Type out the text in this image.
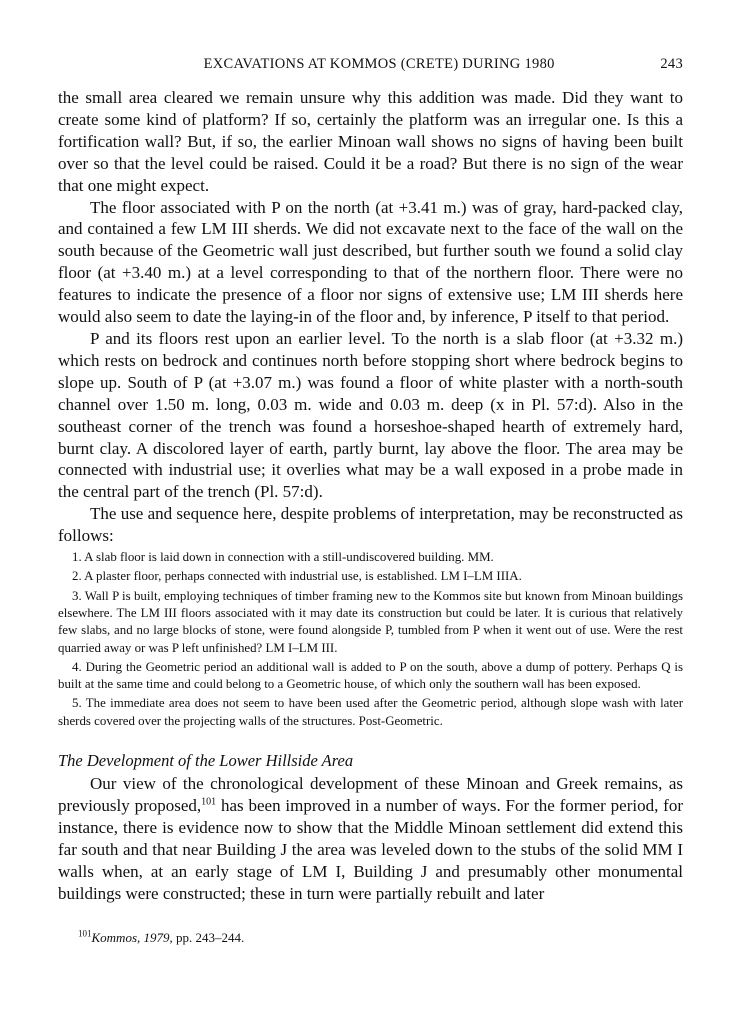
EXCAVATIONS AT KOMMOS (CRETE) DURING 1980	243

the small area cleared we remain unsure why this addition was made. Did they want to create some kind of platform? If so, certainly the platform was an irregular one. Is this a fortification wall? But, if so, the earlier Minoan wall shows no signs of having been built over so that the level could be raised. Could it be a road? But there is no sign of the wear that one might expect.

The floor associated with P on the north (at +3.41 m.) was of gray, hard-packed clay, and contained a few LM III sherds. We did not excavate next to the face of the wall on the south because of the Geometric wall just described, but further south we found a solid clay floor (at +3.40 m.) at a level corresponding to that of the northern floor. There were no features to indicate the presence of a floor nor signs of extensive use; LM III sherds here would also seem to date the laying-in of the floor and, by inference, P itself to that period.

P and its floors rest upon an earlier level. To the north is a slab floor (at +3.32 m.) which rests on bedrock and continues north before stopping short where bedrock begins to slope up. South of P (at +3.07 m.) was found a floor of white plaster with a north-south channel over 1.50 m. long, 0.03 m. wide and 0.03 m. deep (x in Pl. 57:d). Also in the southeast corner of the trench was found a horseshoe-shaped hearth of extremely hard, burnt clay. A discolored layer of earth, partly burnt, lay above the floor. The area may be connected with industrial use; it overlies what may be a wall exposed in a probe made in the central part of the trench (Pl. 57:d).

The use and sequence here, despite problems of interpretation, may be reconstructed as follows:

1. A slab floor is laid down in connection with a still-undiscovered building. MM.
2. A plaster floor, perhaps connected with industrial use, is established. LM I–LM IIIA.
3. Wall P is built, employing techniques of timber framing new to the Kommos site but known from Minoan buildings elsewhere. The LM III floors associated with it may date its construction but could be later. It is curious that relatively few slabs, and no large blocks of stone, were found alongside P, tumbled from P when it went out of use. Were the rest quarried away or was P left unfinished? LM I–LM III.
4. During the Geometric period an additional wall is added to P on the south, above a dump of pottery. Perhaps Q is built at the same time and could belong to a Geometric house, of which only the southern wall has been exposed.
5. The immediate area does not seem to have been used after the Geometric period, although slope wash with later sherds covered over the projecting walls of the structures. Post-Geometric.
The Development of the Lower Hillside Area

Our view of the chronological development of these Minoan and Greek remains, as previously proposed,$^{101}$ has been improved in a number of ways. For the former period, for instance, there is evidence now to show that the Middle Minoan settlement did extend this far south and that near Building J the area was leveled down to the stubs of the solid MM I walls when, at an early stage of LM I, Building J and presumably other monumental buildings were constructed; these in turn were partially rebuilt and later

$^{101}$Kommos, 1979, pp. 243–244.
